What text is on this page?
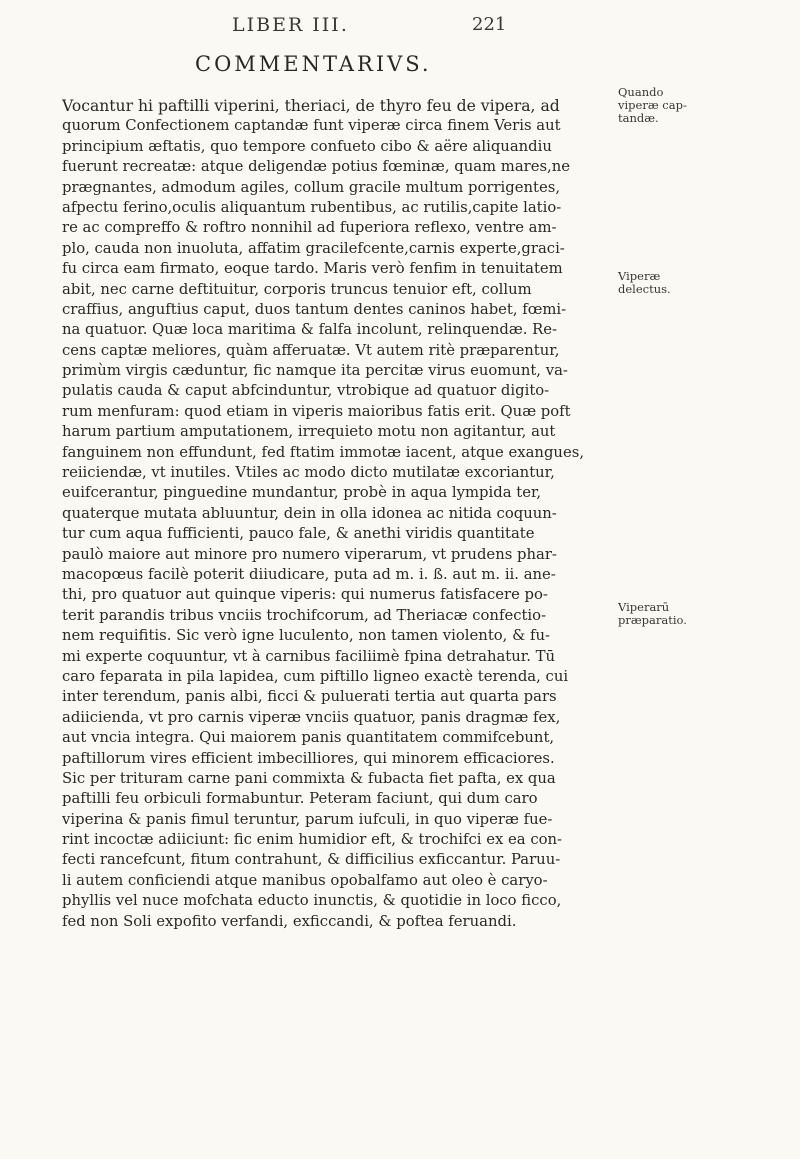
LIBER III.	221
COMMENTARIVS.
Vocantur hi paftilli viperini, theriaci, de thyro feu de vipera, ad
quorum Confectionem captandæ funt viperæ circa finem Veris aut
principium æftatis, quo tempore confueto cibo & aëre aliquandiu
fuerunt recreatæ: atque deligendæ potius fœminæ, quam mares,ne
prægnantes, admodum agiles, collum gracile multum porrigentes,
afpectu ferino,oculis aliquantum rubentibus, ac rutilis,capite latio-
re ac compreffo & roftro nonnihil ad fuperiora reflexo, ventre am-
plo, cauda non inuoluta, affatim gracilefcente,carnis experte,graci-
fu circa eam firmato, eoque tardo. Maris verò fenfim in tenuitatem
abit, nec carne deftituitur, corporis truncus tenuior eft, collum
craffius, anguftius caput, duos tantum dentes caninos habet, fœmi-
na quatuor. Quæ loca maritima & falfa incolunt, relinquendæ. Re-
cens captæ meliores, quàm afferuatæ. Vt autem ritè præparentur,
primùm virgis cæduntur, fic namque ita percitæ virus euomunt, va-
pulatis cauda & caput abfcinduntur, vtrobique ad quatuor digito-
rum menfuram: quod etiam in viperis maioribus fatis erit. Quæ poft
harum partium amputationem, irrequieto motu non agitantur, aut
fanguinem non effundunt, fed ftatim immotæ iacent, atque exangues,
reiiciendæ, vt inutiles. Vtiles ac modo dicto mutilatæ excoriantur,
euifcerantur, pinguedine mundantur, probè in aqua lympida ter,
quaterque mutata abluuntur, dein in olla idonea ac nitida coquun-
tur cum aqua fufficienti, pauco fale, & anethi viridis quantitate
paulò maiore aut minore pro numero viperarum, vt prudens phar-
macopœus facilè poterit diiudicare, puta ad m. i. ß. aut m. ii. ane-
thi, pro quatuor aut quinque viperis: qui numerus fatisfacere po-
terit parandis tribus vnciis trochifcorum, ad Theriacæ confectio-
nem requifitis. Sic verò igne luculento, non tamen violento, & fu-
mi experte coquuntur, vt à carnibus faciliimè fpina detrahatur. Tū
caro feparata in pila lapidea, cum piftillo ligneo exactè terenda, cui
inter terendum, panis albi, ficci & puluerati tertia aut quarta pars
adiicienda, vt pro carnis viperæ vnciis quatuor, panis dragmæ fex,
aut vncia integra. Qui maiorem panis quantitatem commifcebunt,
paftillorum vires efficient imbecilliores, qui minorem efficaciores.
Sic per trituram carne pani commixta & fubacta fiet pafta, ex qua
paftilli feu orbiculi formabuntur. Peteram faciunt, qui dum caro
viperina & panis fimul teruntur, parum iufculi, in quo viperæ fue-
rint incoctæ adiiciunt: fic enim humidior eft, & trochifci ex ea con-
fecti rancefcunt, fitum contrahunt, & difficilius exficcantur. Paruu-
li autem conficiendi atque manibus opobalfamo aut oleo è caryo-
phyllis vel nuce mofchata educto inunctis, & quotidie in loco ficco,
fed non Soli expofito verfandi, exficcandi, & poftea feruandi.
Quando
viperæ cap-
tandæ.
Viperæ
delectus.
Viperarū
præparatio.
